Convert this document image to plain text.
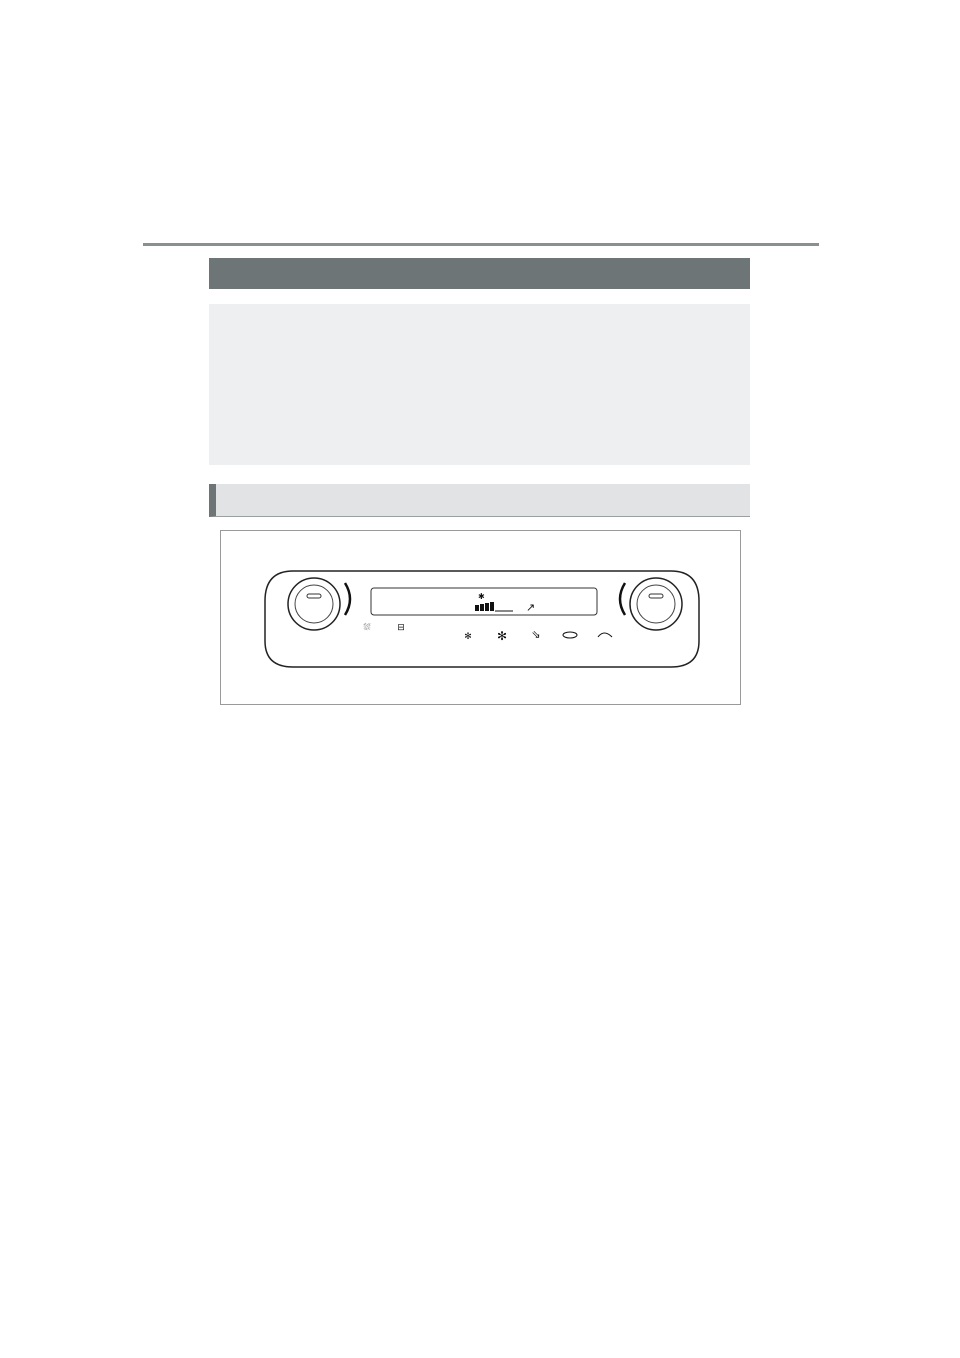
✱
↗
⛆	⊟
✻ ✻ ⇘
